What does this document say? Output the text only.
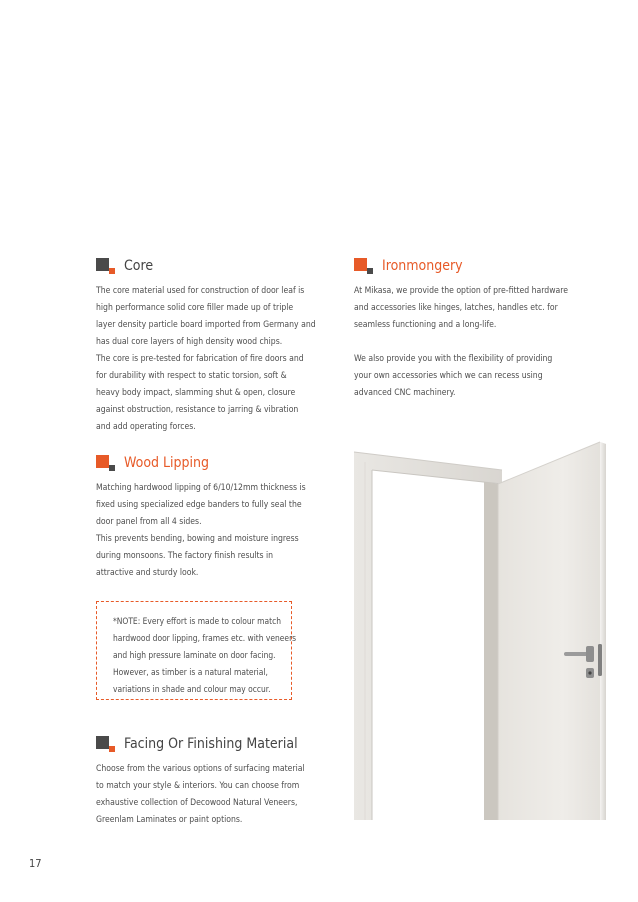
Core

The core material used for construction of door leaf is

high performance solid core filler made up of triple

layer density particle board imported from Germany and

has dual core layers of high density wood chips.

The core is pre-tested for fabrication of fire doors and

for durability with respect to static torsion, soft &

heavy body impact, slamming shut & open, closure

against obstruction, resistance to jarring & vibration

and add operating forces.

Ironmongery

At Mikasa, we provide the option of pre-fitted hardware

and accessories like hinges, latches, handles etc. for

seamless functioning and a long-life.

We also provide you with the flexibility of providing

your own accessories which we can recess using

advanced CNC machinery.

Wood Lipping

Matching hardwood lipping of 6/10/12mm thickness is

fixed using specialized edge banders to fully seal the

door panel from all 4 sides.

This prevents bending, bowing and moisture ingress

during monsoons. The factory finish results in

attractive and sturdy look.

*NOTE: Every effort is made to colour match

hardwood door lipping, frames etc. with veneers

and high pressure laminate on door facing.

However, as timber is a natural material,

variations in shade and colour may occur.

Facing Or Finishing Material

Choose from the various options of surfacing material

to match your style & interiors. You can choose from

exhaustive collection of Decowood Natural Veneers,

Greenlam Laminates or paint options.

17
